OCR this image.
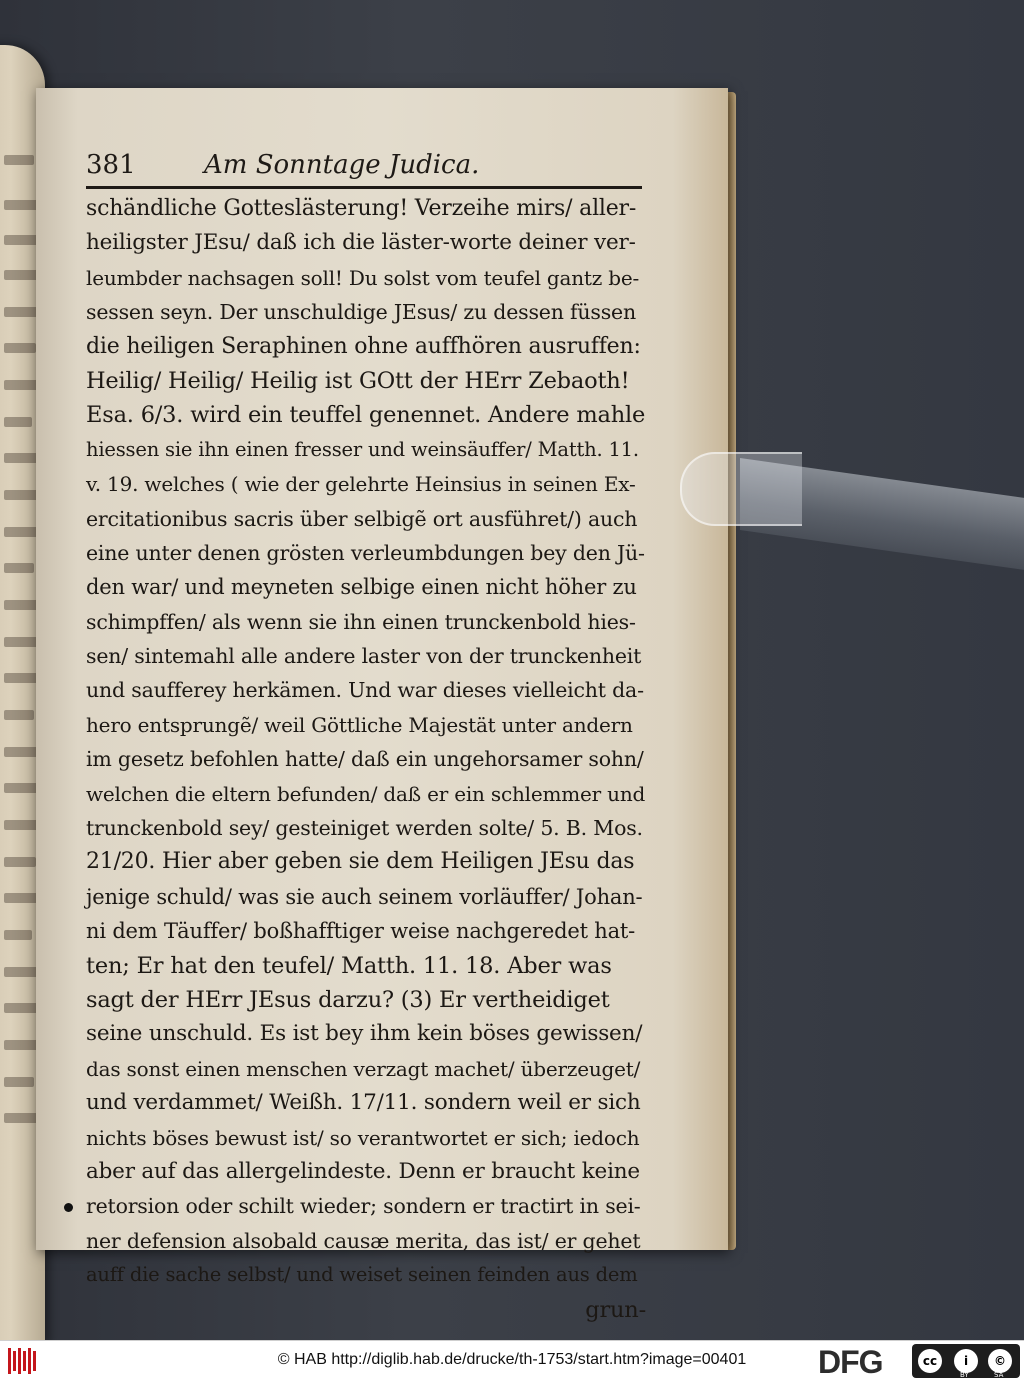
381	Am Sonntage Judica.
schändliche Gotteslästerung! Verzeihe mirs/ aller-
heiligster JEsu/ daß ich die läster-worte deiner ver-
leumbder nachsagen soll! Du solst vom teufel gantz be-
sessen seyn. Der unschuldige JEsus/ zu dessen füssen
die heiligen Seraphinen ohne auffhören ausruffen:
Heilig/ Heilig/ Heilig ist GOtt der HErr Zebaoth!
Esa. 6/3. wird ein teuffel genennet. Andere mahle
hiessen sie ihn einen fresser und weinsäuffer/ Matth. 11.
v. 19. welches ( wie der gelehrte Heinsius in seinen Ex-
ercitationibus sacris über selbigẽ ort ausführet/) auch
eine unter denen grösten verleumbdungen bey den Jü-
den war/ und meyneten selbige einen nicht höher zu
schimpffen/ als wenn sie ihn einen trunckenbold hies-
sen/ sintemahl alle andere laster von der trunckenheit
und saufferey herkämen. Und war dieses vielleicht da-
hero entsprungẽ/ weil Göttliche Majestät unter andern
im gesetz befohlen hatte/ daß ein ungehorsamer sohn/
welchen die eltern befunden/ daß er ein schlemmer und
trunckenbold sey/ gesteiniget werden solte/ 5. B. Mos.
21/20. Hier aber geben sie dem Heiligen JEsu das
jenige schuld/ was sie auch seinem vorläuffer/ Johan-
ni dem Täuffer/ boßhafftiger weise nachgeredet hat-
ten; Er hat den teufel/ Matth. 11. 18. Aber was
sagt der HErr JEsus darzu? (3) Er vertheidiget
seine unschuld. Es ist bey ihm kein böses gewissen/
das sonst einen menschen verzagt machet/ überzeuget/
und verdammet/ Weißh. 17/11. sondern weil er sich
nichts böses bewust ist/ so verantwortet er sich; iedoch
aber auf das allergelindeste. Denn er braucht keine
retorsion oder schilt wieder; sondern er tractirt in sei-
ner defension alsobald causæ merita, das ist/ er gehet
auff die sache selbst/ und weiset seinen feinden aus dem
grun-
© HAB http://diglib.hab.de/drucke/th-1753/start.htm?image=00401	DFG	cc	i	©
BY	SA
